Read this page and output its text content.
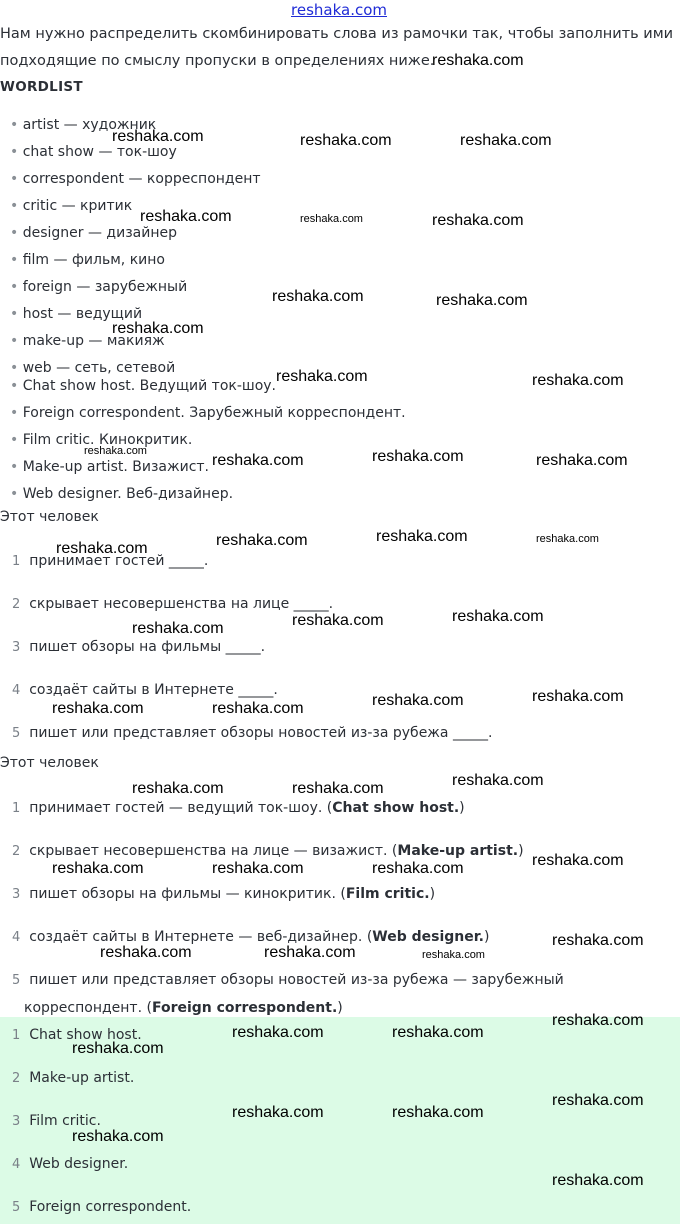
reshaka.com
Нам нужно распределить скомбинировать слова из рамочки так, чтобы заполнить ими
подходящие по смыслу пропуски в определениях ниже.
WORDLIST
• artist — художник
• chat show — ток-шоу
• correspondent — корреспондент
• critic — критик
• designer — дизайнер
• film — фильм, кино
• foreign — зарубежный
• host — ведущий
• make-up — макияж
• web — сеть, сетевой
• Chat show host. Ведущий ток-шоу.
• Foreign correspondent. Зарубежный корреспондент.
• Film critic. Кинокритик.
• Make-up artist. Визажист.
• Web designer. Веб-дизайнер.
Этот человек
1 принимает гостей _____.
2 скрывает несовершенства на лице _____.
3 пишет обзоры на фильмы _____.
4 создаёт сайты в Интернете _____.
5 пишет или представляет обзоры новостей из-за рубежа _____.
Этот человек
1 принимает гостей — ведущий ток-шоу. (Chat show host.)
2 скрывает несовершенства на лице — визажист. (Make-up artist.)
3 пишет обзоры на фильмы — кинокритик. (Film critic.)
4 создаёт сайты в Интернете — веб-дизайнер. (Web designer.)
5 пишет или представляет обзоры новостей из-за рубежа — зарубежный
корреспондент. (Foreign correspondent.)
1 Chat show host.
2 Make-up artist.
3 Film critic.
4 Web designer.
5 Foreign correspondent.
reshaka.com
reshaka.com	reshaka.com	reshaka.com
reshaka.com	reshaka.com	reshaka.com
reshaka.com	reshaka.com
reshaka.com
reshaka.com	reshaka.com
reshaka.com
reshaka.com	reshaka.com	reshaka.com
reshaka.com	reshaka.com	reshaka.com	reshaka.com
reshaka.com	reshaka.com	reshaka.com
reshaka.com	reshaka.com
reshaka.com	reshaka.com
reshaka.com	reshaka.com	reshaka.com
reshaka.com
reshaka.com	reshaka.com	reshaka.com
reshaka.com
reshaka.com	reshaka.com	reshaka.com
reshaka.com
reshaka.com	reshaka.com
reshaka.com
reshaka.com
reshaka.com	reshaka.com
reshaka.com
reshaka.com
